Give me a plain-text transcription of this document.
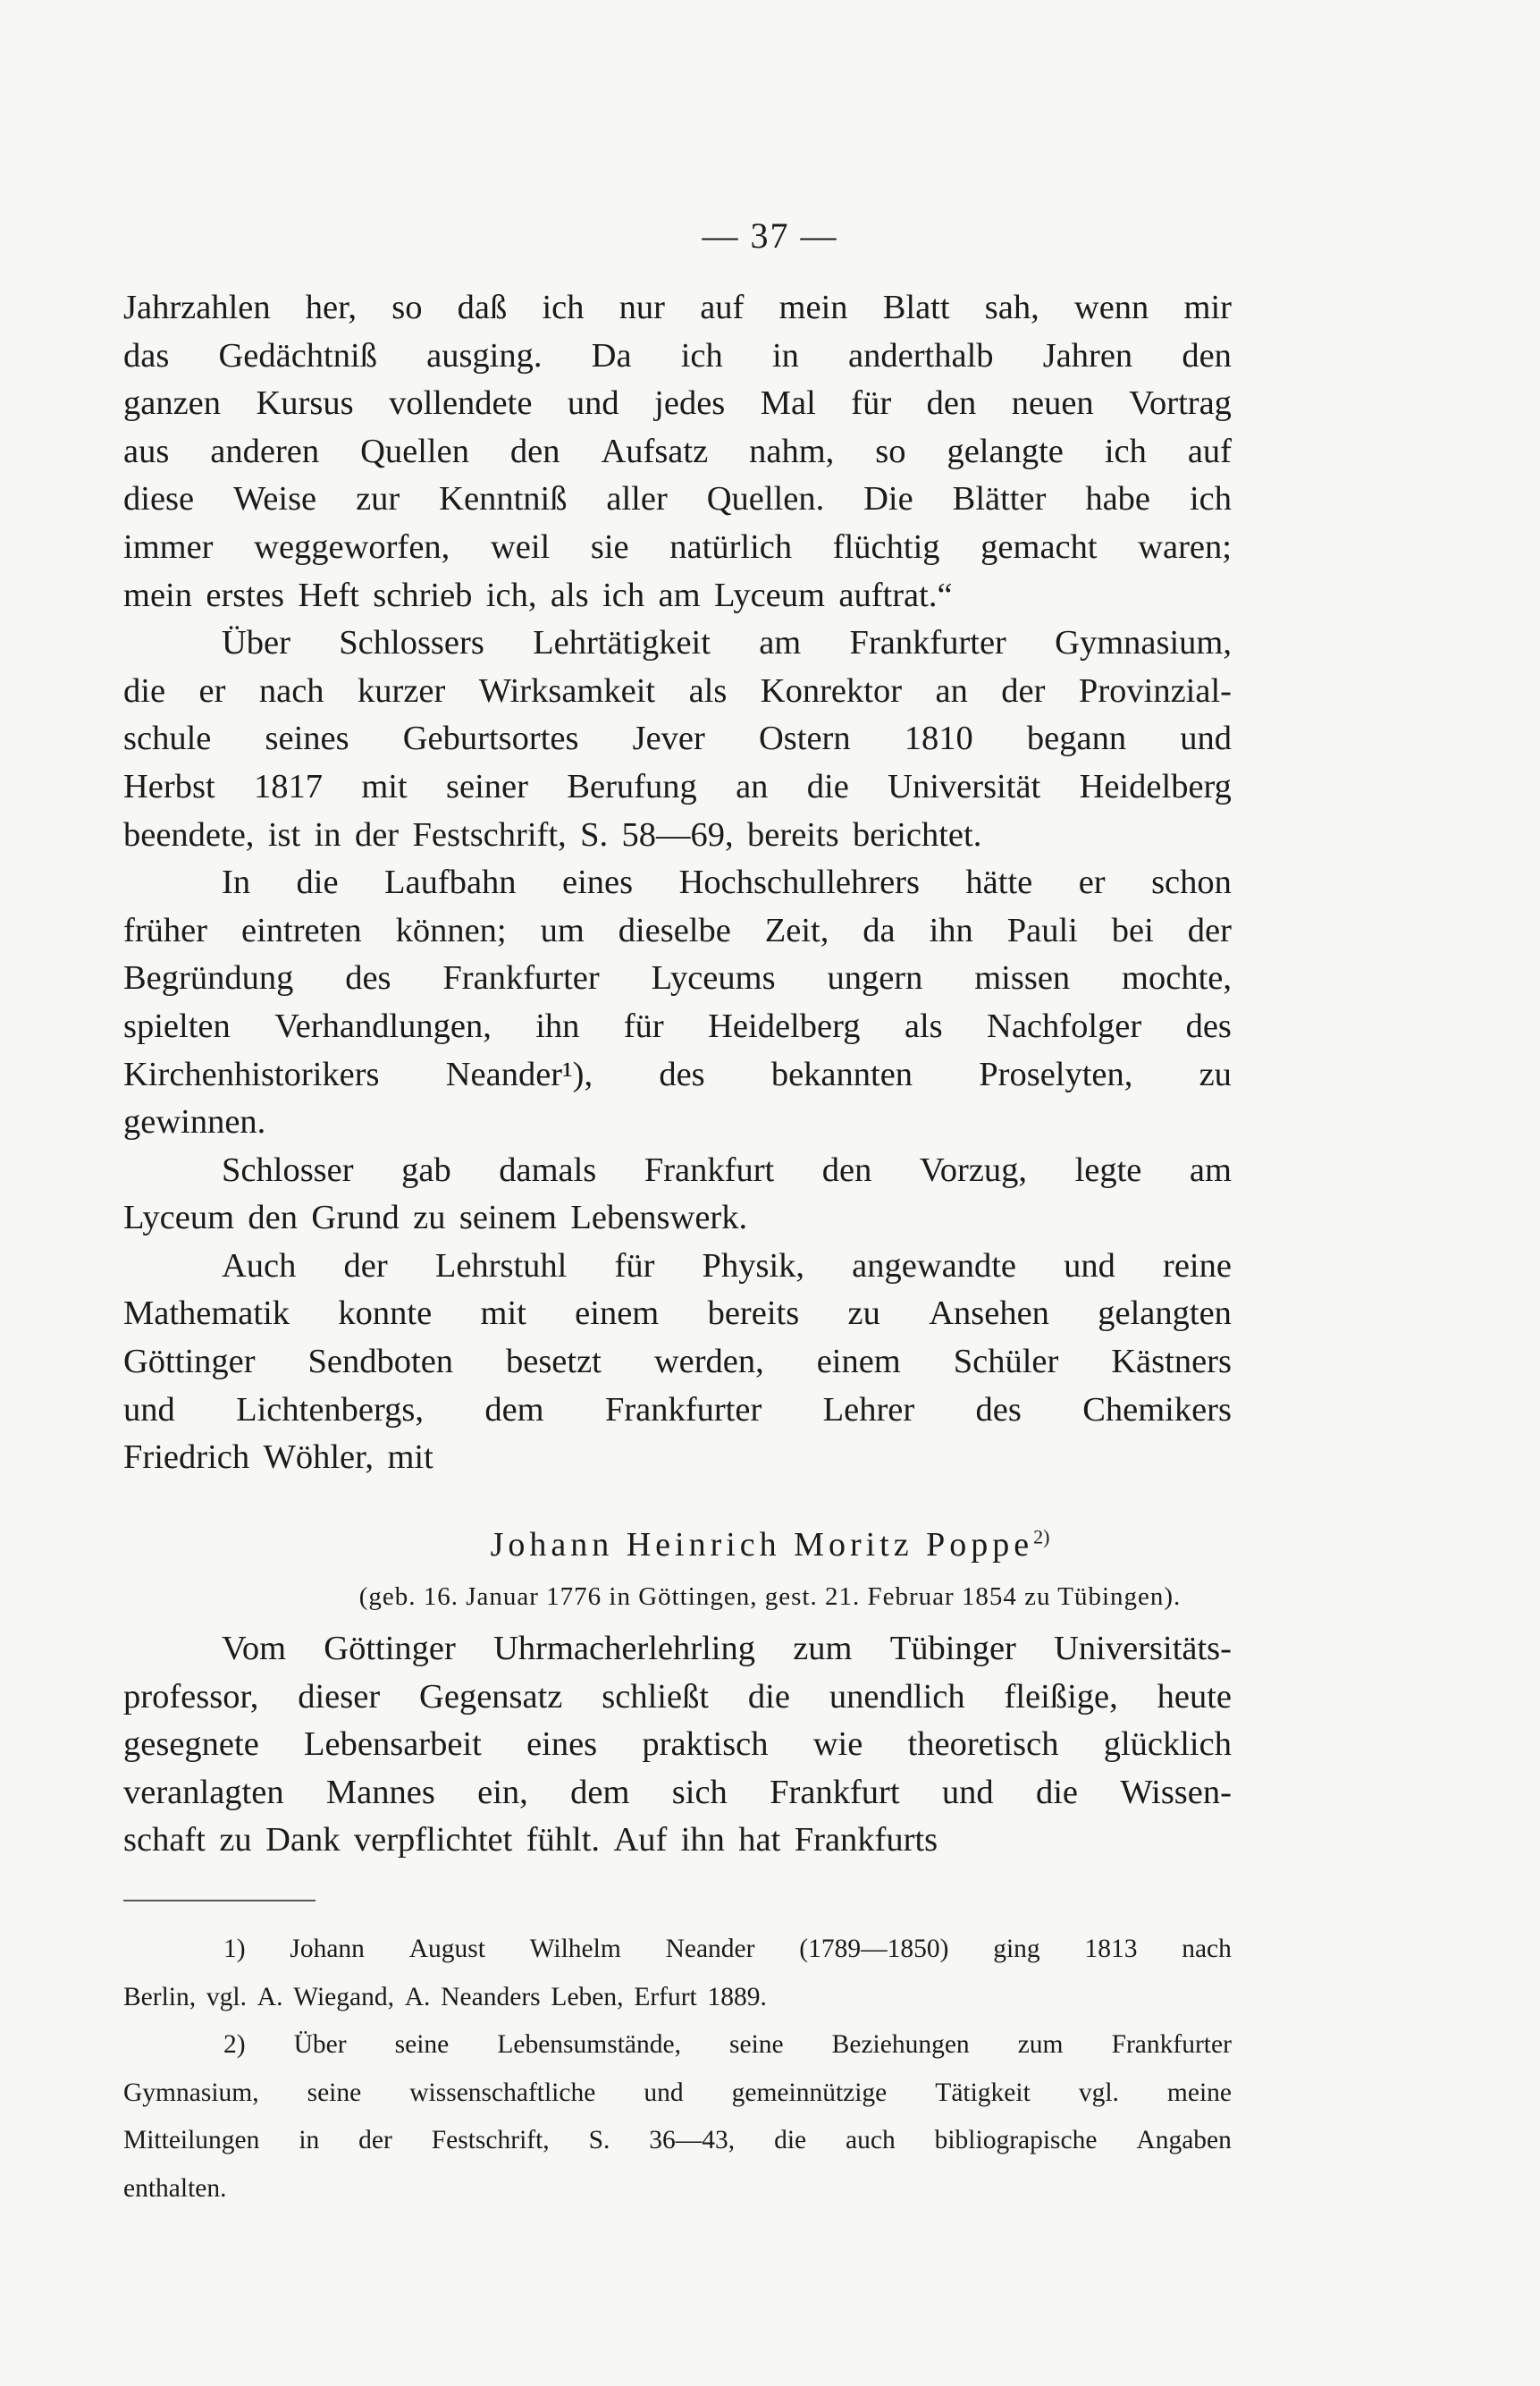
— 37 —
Jahrzahlen her, so daß ich nur auf mein Blatt sah, wenn mir
das Gedächtniß ausging. Da ich in anderthalb Jahren den
ganzen Kursus vollendete und jedes Mal für den neuen Vortrag
aus anderen Quellen den Aufsatz nahm, so gelangte ich auf
diese Weise zur Kenntniß aller Quellen. Die Blätter habe ich
immer weggeworfen, weil sie natürlich flüchtig gemacht waren;
mein erstes Heft schrieb ich, als ich am Lyceum auftrat.“
Über Schlossers Lehrtätigkeit am Frankfurter Gymnasium,
die er nach kurzer Wirksamkeit als Konrektor an der Provinzial-
schule seines Geburtsortes Jever Ostern 1810 begann und
Herbst 1817 mit seiner Berufung an die Universität Heidelberg
beendete, ist in der Festschrift, S. 58—69, bereits berichtet.
In die Laufbahn eines Hochschullehrers hätte er schon
früher eintreten können; um dieselbe Zeit, da ihn Pauli bei der
Begründung des Frankfurter Lyceums ungern missen mochte,
spielten Verhandlungen, ihn für Heidelberg als Nachfolger des
Kirchenhistorikers Neander¹), des bekannten Proselyten, zu
gewinnen.
Schlosser gab damals Frankfurt den Vorzug, legte am
Lyceum den Grund zu seinem Lebenswerk.
Auch der Lehrstuhl für Physik, angewandte und reine
Mathematik konnte mit einem bereits zu Ansehen gelangten
Göttinger Sendboten besetzt werden, einem Schüler Kästners
und Lichtenbergs, dem Frankfurter Lehrer des Chemikers
Friedrich Wöhler, mit
Johann Heinrich Moritz Poppe$^{2)}$
(geb. 16. Januar 1776 in Göttingen, gest. 21. Februar 1854 zu Tübingen).
Vom Göttinger Uhrmacherlehrling zum Tübinger Universitäts-
professor, dieser Gegensatz schließt die unendlich fleißige, heute
gesegnete Lebensarbeit eines praktisch wie theoretisch glücklich
veranlagten Mannes ein, dem sich Frankfurt und die Wissen-
schaft zu Dank verpflichtet fühlt. Auf ihn hat Frankfurts
1) Johann August Wilhelm Neander (1789—1850) ging 1813 nach
Berlin, vgl. A. Wiegand, A. Neanders Leben, Erfurt 1889.
2) Über seine Lebensumstände, seine Beziehungen zum Frankfurter
Gymnasium, seine wissenschaftliche und gemeinnützige Tätigkeit vgl. meine
Mitteilungen in der Festschrift, S. 36—43, die auch bibliograpische Angaben
enthalten.
